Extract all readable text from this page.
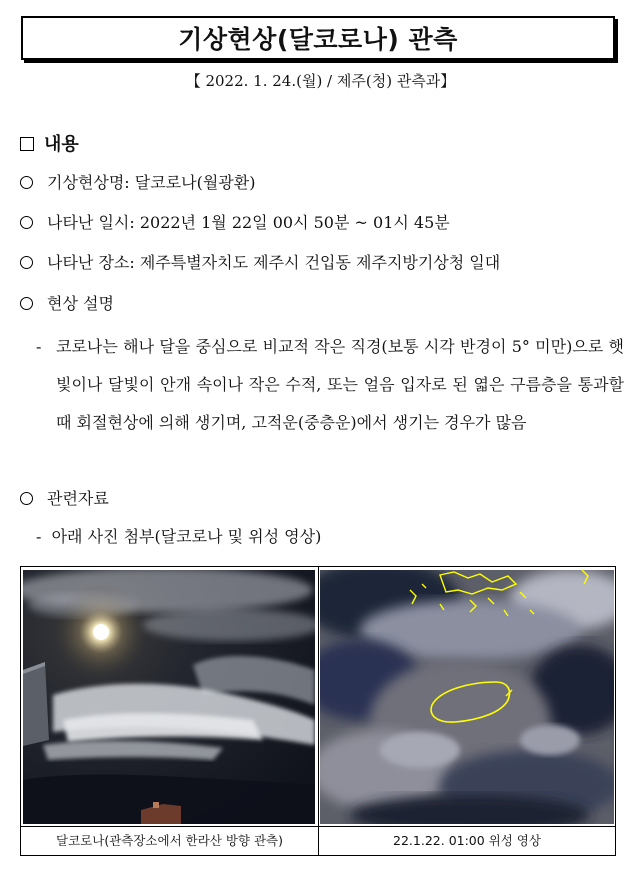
기상현상(달코로나) 관측
【 2022. 1. 24.(월) / 제주(청) 관측과】
내용
기상현상명: 달코로나(월광환)
나타난 일시: 2022년 1월 22일 00시 50분 ~ 01시 45분
나타난 장소: 제주특별자치도 제주시 건입동 제주지방기상청 일대
현상 설명
- 코로나는 해나 달을 중심으로 비교적 작은 직경(보통 시각 반경이 5° 미만)으로 햇빛이나 달빛이 안개 속이나 작은 수적, 또는 얼음 입자로 된 엷은 구름층을 통과할 때 회절현상에 의해 생기며, 고적운(중층운)에서 생기는 경우가 많음
관련자료
- 아래 사진 첨부(달코로나 및 위성 영상)
달코로나(관측장소에서 한라산 방향 관측)	22.1.22. 01:00 위성 영상
